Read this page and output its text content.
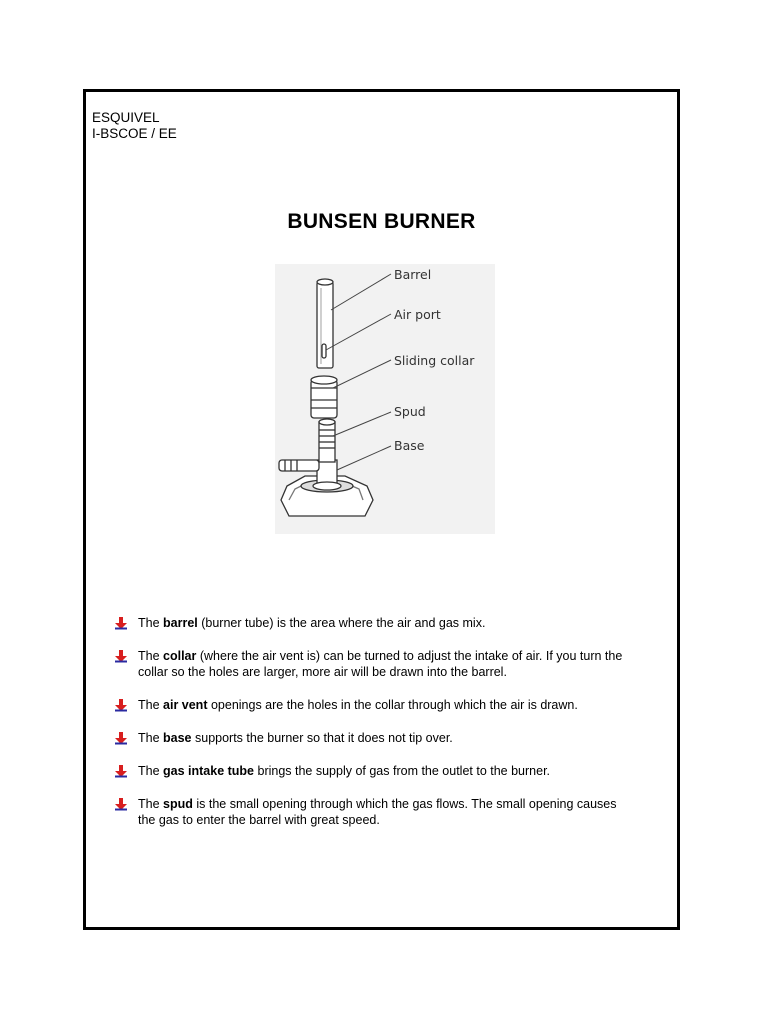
ESQUIVEL
I-BSCOE / EE
BUNSEN BURNER
Barrel
Air port
Sliding collar
Spud
Base
The barrel (burner tube) is the area where the air and gas mix.
The collar (where the air vent is) can be turned to adjust the intake of air. If you turn the collar so the holes are larger, more air will be drawn into the barrel.
The air vent openings are the holes in the collar through which the air is drawn.
The base supports the burner so that it does not tip over.
The gas intake tube brings the supply of gas from the outlet to the burner.
The spud is the small opening through which the gas flows. The small opening causes the gas to enter the barrel with great speed.
